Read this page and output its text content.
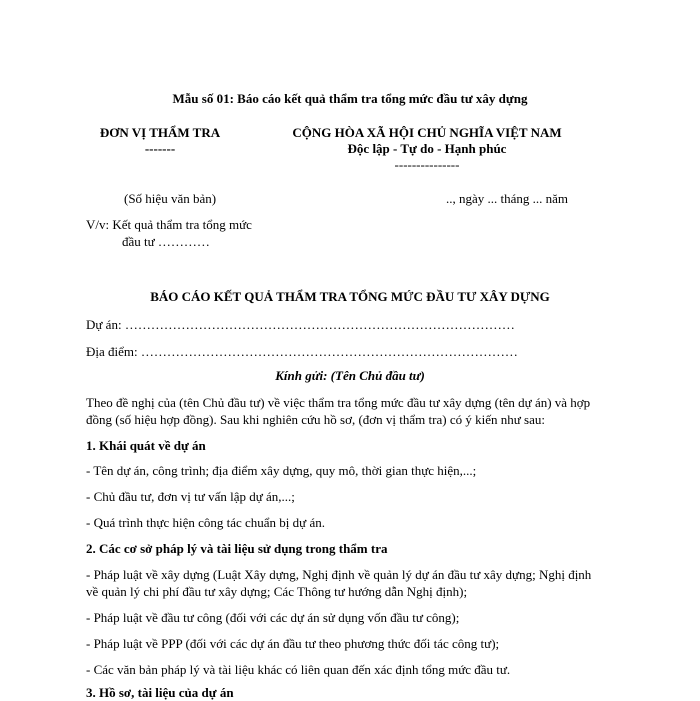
Mẫu số 01: Báo cáo kết quả thẩm tra tổng mức đầu tư xây dựng
ĐƠN VỊ THẨM TRA
-------
CỘNG HÒA XÃ HỘI CHỦ NGHĨA VIỆT NAM
Độc lập - Tự do - Hạnh phúc
---------------
(Số hiệu văn bản)	.., ngày ... tháng ... năm
V/v: Kết quả thẩm tra tổng mức
đầu tư …………
BÁO CÁO KẾT QUẢ THẨM TRA TỔNG MỨC ĐẦU TƯ XÂY DỰNG
Dự án: ………………………………………………………………………………
Địa điểm: ……………………………………………………………………………
Kính gửi: (Tên Chủ đầu tư)
Theo đề nghị của (tên Chủ đầu tư) về việc thẩm tra tổng mức đầu tư xây dựng (tên dự án) và hợp
đồng (số hiệu hợp đồng). Sau khi nghiên cứu hồ sơ, (đơn vị thẩm tra) có ý kiến như sau:
1. Khái quát về dự án
- Tên dự án, công trình; địa điểm xây dựng, quy mô, thời gian thực hiện,...;
- Chủ đầu tư, đơn vị tư vấn lập dự án,...;
- Quá trình thực hiện công tác chuẩn bị dự án.
2. Các cơ sở pháp lý và tài liệu sử dụng trong thẩm tra
- Pháp luật về xây dựng (Luật Xây dựng, Nghị định về quản lý dự án đầu tư xây dựng; Nghị định
về quản lý chi phí đầu tư xây dựng; Các Thông tư hướng dẫn Nghị định);
- Pháp luật về đầu tư công (đối với các dự án sử dụng vốn đầu tư công);
- Pháp luật về PPP (đối với các dự án đầu tư theo phương thức đối tác công tư);
- Các văn bản pháp lý và tài liệu khác có liên quan đến xác định tổng mức đầu tư.
3. Hồ sơ, tài liệu của dự án
